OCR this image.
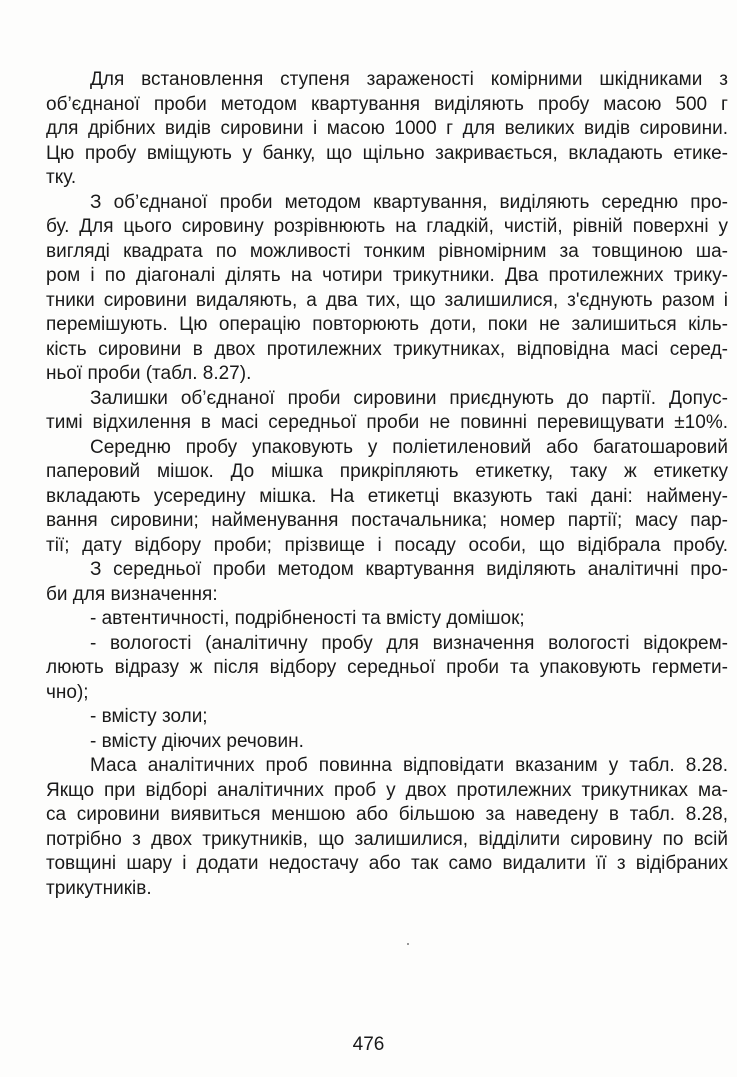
Для встановлення ступеня зараженості комірними шкідниками з
об’єднаної проби методом квартування виділяють пробу масою 500 г
для дрібних видів сировини і масою 1000 г для великих видів сировини.
Цю пробу вміщують у банку, що щільно закривається, вкладають етике-
тку.
З об’єднаної проби методом квартування, виділяють середню про-
бу. Для цього сировину розрівнюють на гладкій, чистій, рівній поверхні у
вигляді квадрата по можливості тонким рівномірним за товщиною ша-
ром і по діагоналі ділять на чотири трикутники. Два протилежних трику-
тники сировини видаляють, а два тих, що залишилися, з'єднують разом і
перемішують. Цю операцію повторюють доти, поки не залишиться кіль-
кість сировини в двох протилежних трикутниках, відповідна масі серед-
ньої проби (табл. 8.27).
Залишки об’єднаної проби сировини приєднують до партії. Допус-
тимі відхилення в масі середньої проби не повинні перевищувати ±10%.
Середню пробу упаковують у поліетиленовий або багатошаровий
паперовий мішок. До мішка прикріпляють етикетку, таку ж етикетку
вкладають усередину мішка. На етикетці вказують такі дані: наймену-
вання сировини; найменування постачальника; номер партії; масу пар-
тії; дату відбору проби; прізвище і посаду особи, що відібрала пробу.
З середньої проби методом квартування виділяють аналітичні про-
би для визначення:
- автентичності, подрібненості та вмісту домішок;
- вологості (аналітичну пробу для визначення вологості відокрем-
люють відразу ж після відбору середньої проби та упаковують гермети-
чно);
- вмісту золи;
- вмісту діючих речовин.
Маса аналітичних проб повинна відповідати вказаним у табл. 8.28.
Якщо при відборі аналітичних проб у двох протилежних трикутниках ма-
са сировини виявиться меншою або більшою за наведену в табл. 8.28,
потрібно з двох трикутників, що залишилися, відділити сировину по всій
товщині шару і додати недостачу або так само видалити її з відібраних
трикутників.
476
